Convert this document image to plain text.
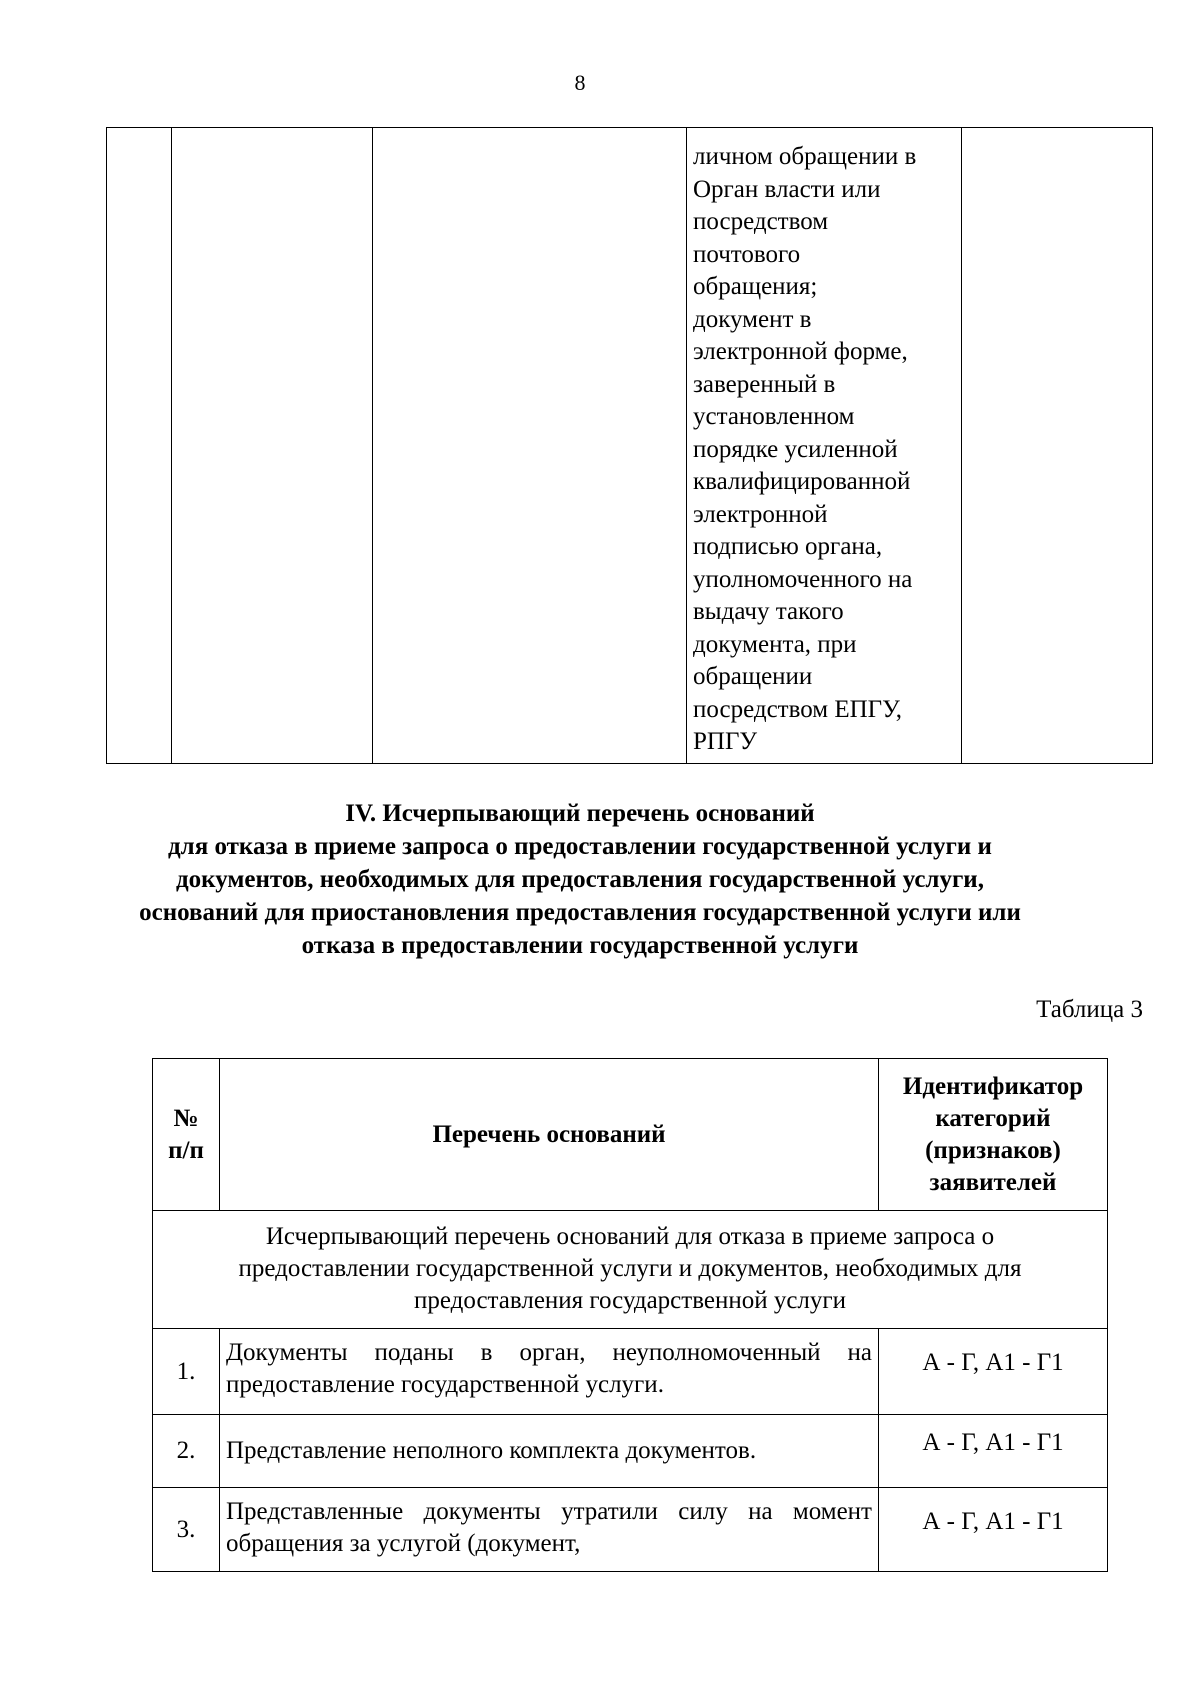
8

личном обращении в
Орган власти или
посредством
почтового
обращения;
документ в
электронной форме,
заверенный в
установленном
порядке усиленной
квалифицированной
электронной
подписью органа,
уполномоченного на
выдачу такого
документа, при
обращении
посредством ЕПГУ,
РПГУ

IV. Исчерпывающий перечень оснований
для отказа в приеме запроса о предоставлении государственной услуги и
документов, необходимых для предоставления государственной услуги,
оснований для приостановления предоставления государственной услуги или
отказа в предоставлении государственной услуги
Таблица 3
№
п/п	Перечень оснований	Идентификатор
категорий
(признаков)
заявителей
Исчерпывающий перечень оснований для отказа в приеме запроса о
предоставлении государственной услуги и документов, необходимых для
предоставления государственной услуги		
1.	Документы поданы в орган, неуполномоченный на предоставление государственной услуги.	А - Г, А1 - Г1
2.	Представление неполного комплекта документов.	А - Г, А1 - Г1
3.	Представленные документы утратили силу на момент обращения за услугой (документ,	А - Г, А1 - Г1
